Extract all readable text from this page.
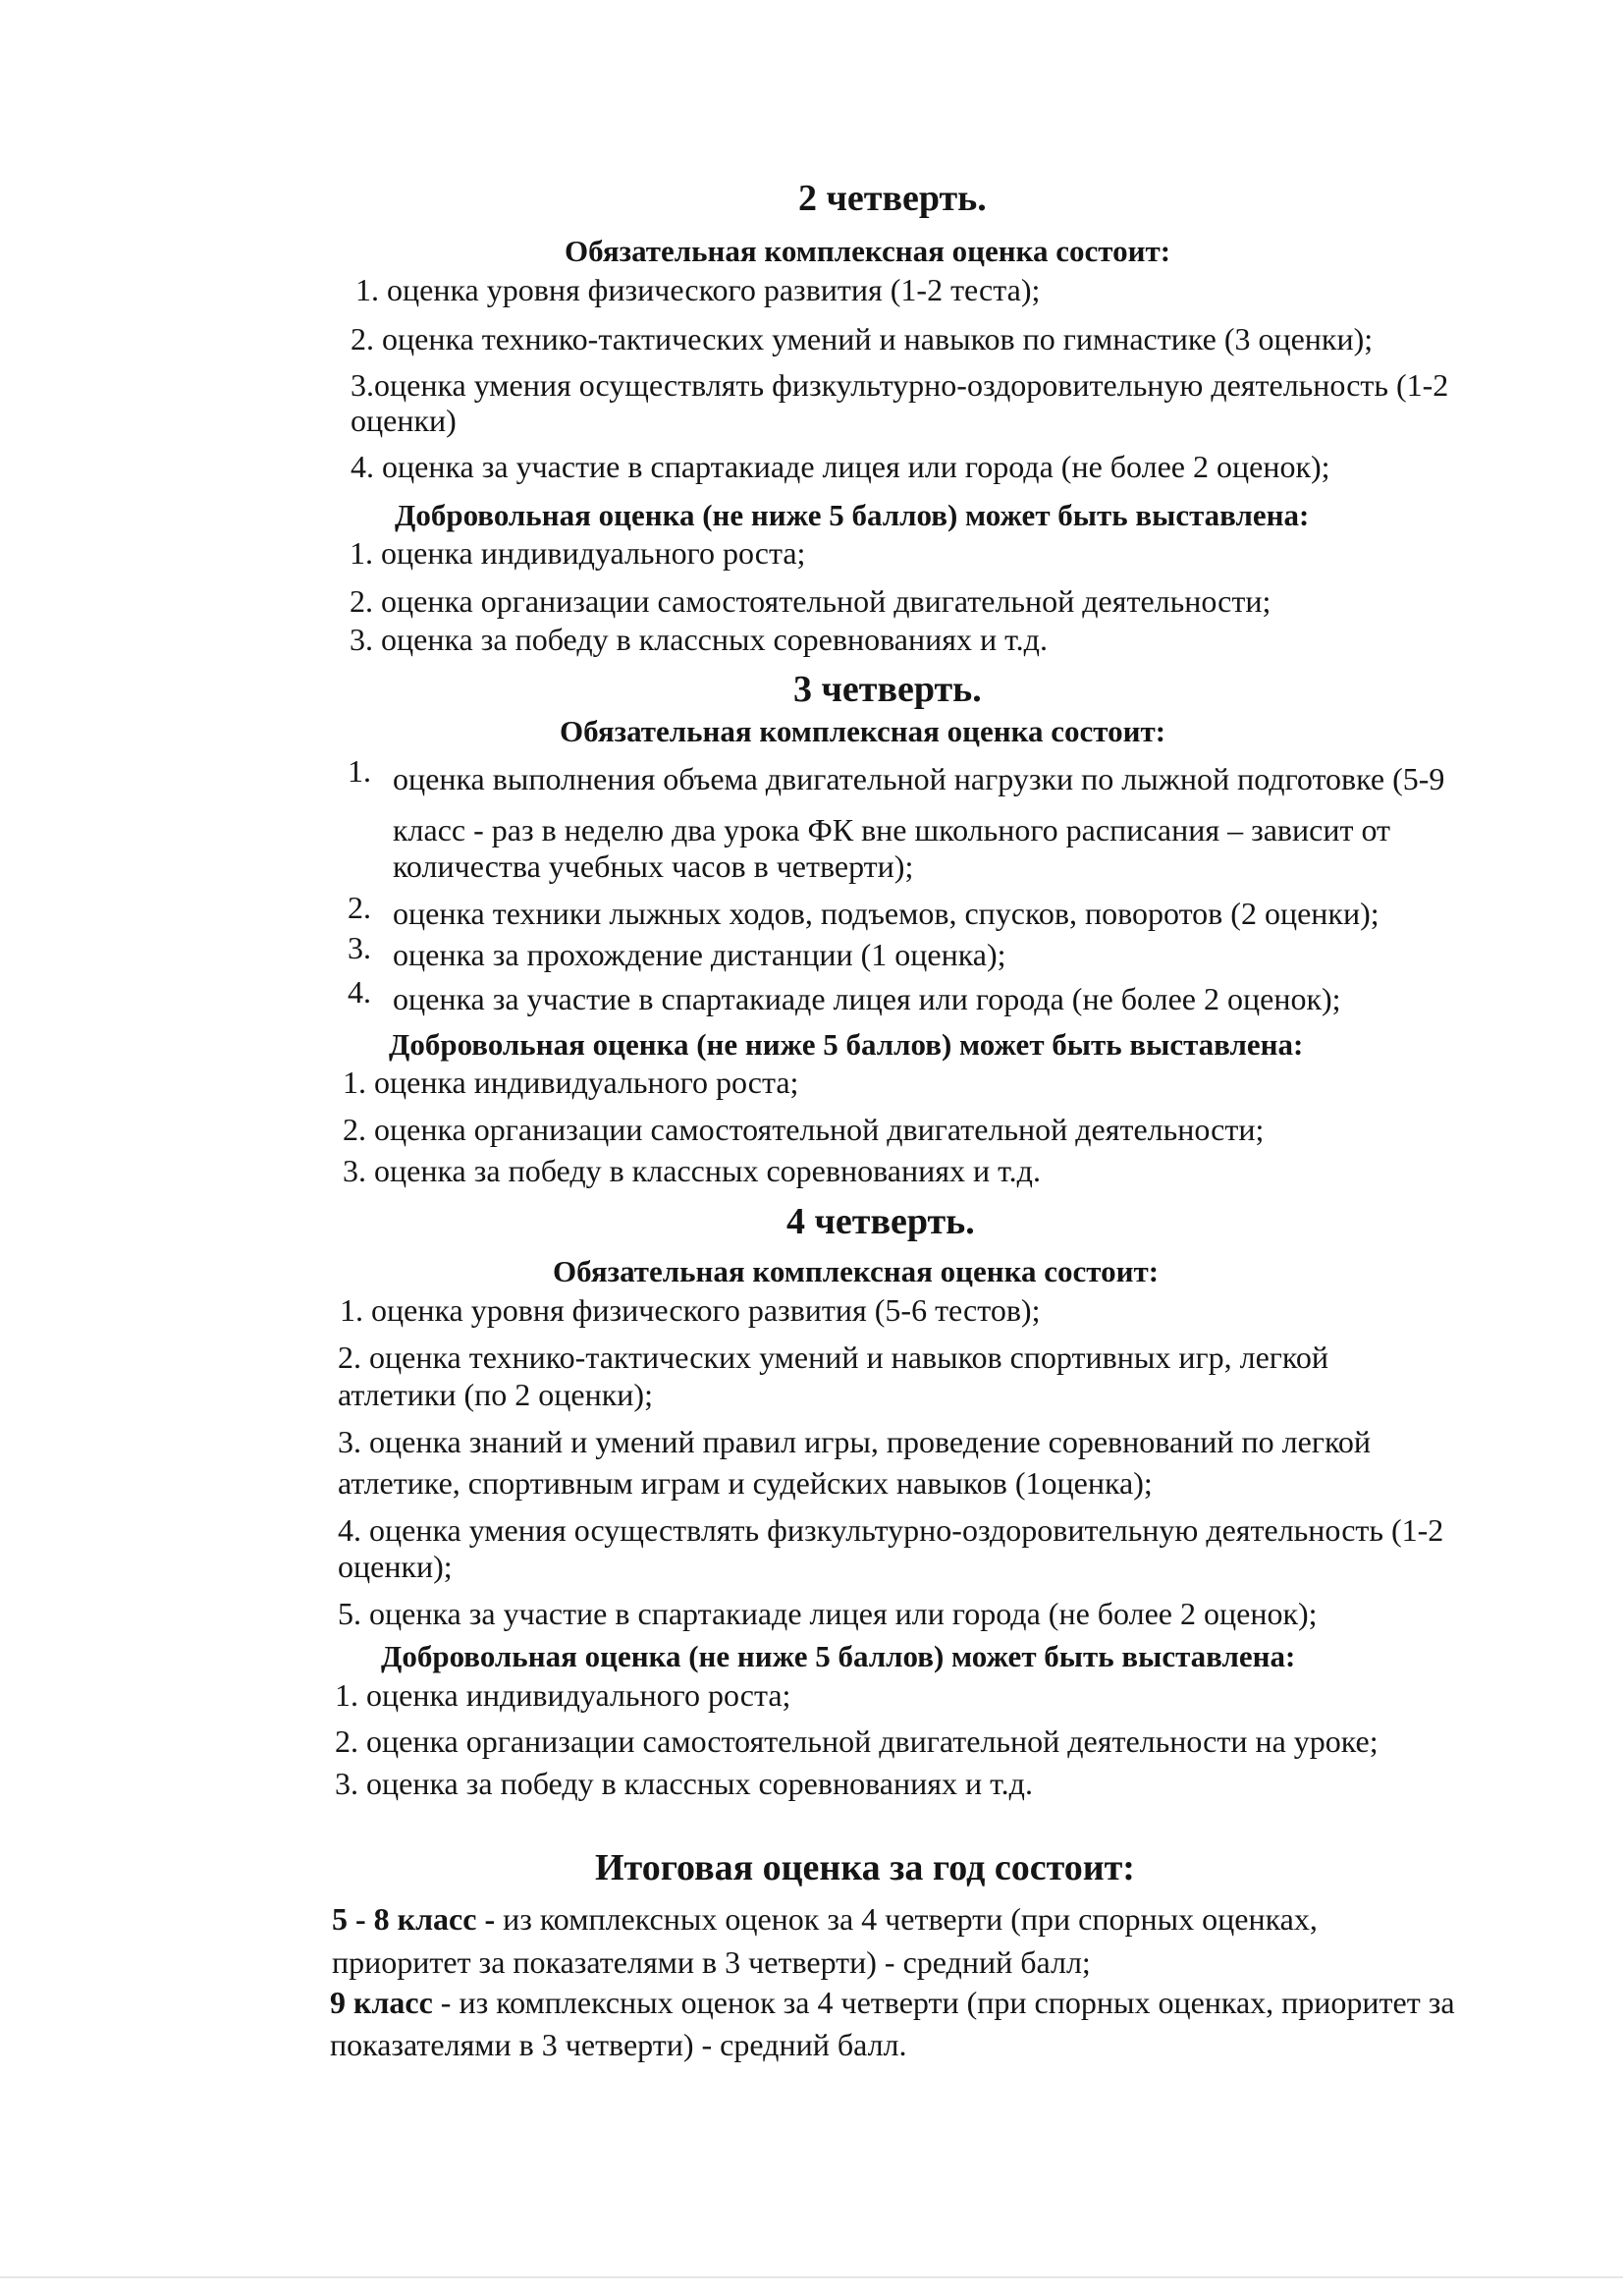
2 четверть.
Обязательная комплексная оценка состоит:
1. оценка уровня физического развития (1-2 теста);
2. оценка технико-тактических умений и навыков по гимнастике (3 оценки);
3.оценка умения осуществлять физкультурно-оздоровительную деятельность (1-2
оценки)
4. оценка за участие в спартакиаде лицея или города (не более 2 оценок);
Добровольная оценка (не ниже 5 баллов) может быть выставлена:
1. оценка индивидуального роста;
2. оценка организации самостоятельной двигательной деятельности;
3. оценка за победу в классных соревнованиях и т.д.
3 четверть.
Обязательная комплексная оценка состоит:
1. оценка выполнения объема двигательной нагрузки по лыжной подготовке (5-9
класс - раз в неделю два урока ФК вне школьного расписания – зависит от
количества учебных часов в четверти);
2. оценка техники лыжных ходов, подъемов, спусков, поворотов (2 оценки);
3. оценка за прохождение дистанции (1 оценка);
4. оценка за участие в спартакиаде лицея или города (не более 2 оценок);
Добровольная оценка (не ниже 5 баллов) может быть выставлена:
1. оценка индивидуального роста;
2. оценка организации самостоятельной двигательной деятельности;
3. оценка за победу в классных соревнованиях и т.д.
4 четверть.
Обязательная комплексная оценка состоит:
1. оценка уровня физического развития (5-6 тестов);
2. оценка технико-тактических умений и навыков спортивных игр, легкой
атлетики (по 2 оценки);
3. оценка знаний и умений правил игры, проведение соревнований по легкой
атлетике, спортивным играм и судейских навыков (1оценка);
4. оценка умения осуществлять физкультурно-оздоровительную деятельность (1-2
оценки);
5. оценка за участие в спартакиаде лицея или города (не более 2 оценок);
Добровольная оценка (не ниже 5 баллов) может быть выставлена:
1. оценка индивидуального роста;
2. оценка организации самостоятельной двигательной деятельности на уроке;
3. оценка за победу в классных соревнованиях и т.д.
Итоговая оценка за год состоит:
5 - 8 класс - из комплексных оценок за 4 четверти (при спорных оценках,
приоритет за показателями в 3 четверти) - средний балл;
9 класс - из комплексных оценок за 4 четверти (при спорных оценках, приоритет за
показателями в 3 четверти) - средний балл.
